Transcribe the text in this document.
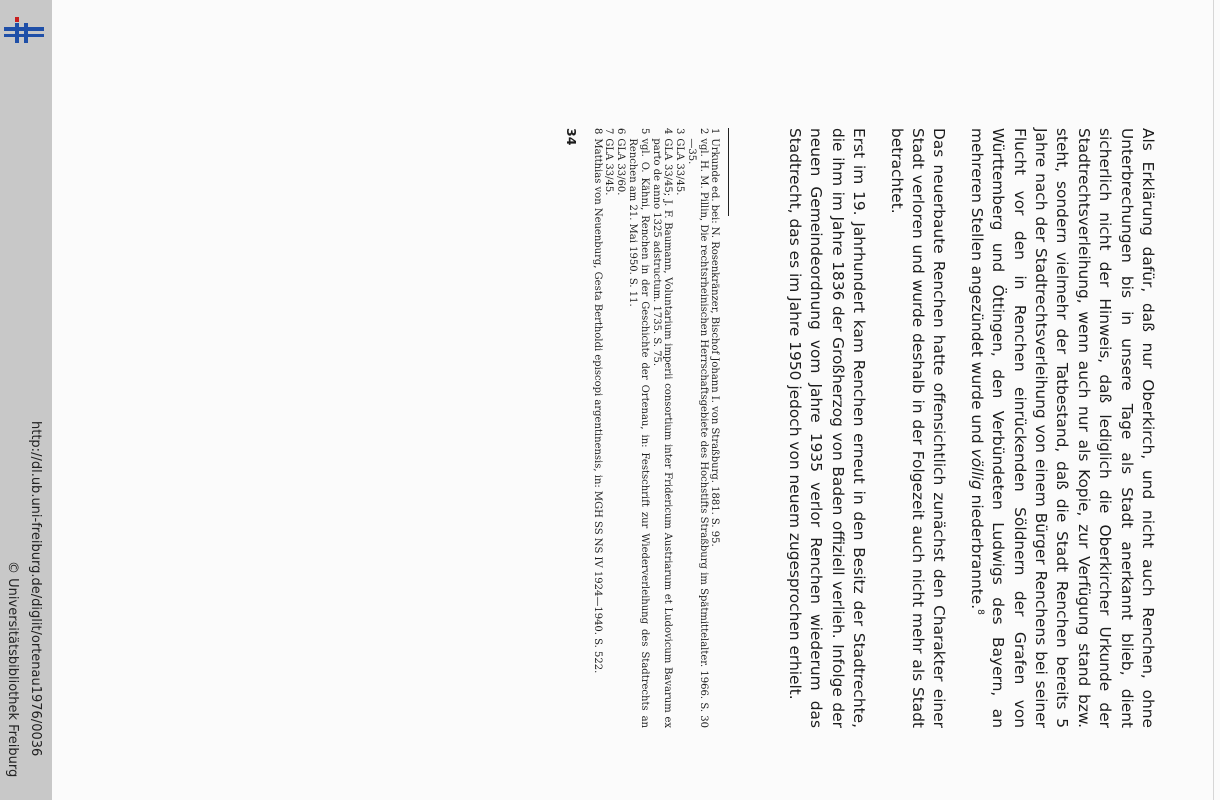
http://dl.ub.uni-freiburg.de/diglit/ortenau1976/0036
© Universitätsbibliothek Freiburg	Als Erklärung dafür, daß nur Oberkirch, und nicht auch Renchen, ohne Unterbrechungen bis in unsere Tage als Stadt anerkannt blieb, dient sicherlich nicht der Hinweis, daß lediglich die Oberkircher Urkunde der Stadtrechtsverleihung, wenn auch nur als Kopie, zur Verfügung stand bzw. steht, sondern vielmehr der Tatbestand, daß die Stadt Renchen bereits 5 Jahre nach der Stadtrechtsverleihung von einem Bürger Renchens bei seiner Flucht vor den in Renchen einrückenden Söldnern der Grafen von Württemberg und Öttingen, den Verbündeten Ludwigs des Bayern, an mehreren Stellen angezündet wurde und völlig niederbrannte.$^8$

Das neuerbaute Renchen hatte offensichtlich zunächst den Charakter einer Stadt verloren und wurde deshalb in der Folgezeit auch nicht mehr als Stadt betrachtet.

Erst im 19. Jahrhundert kam Renchen erneut in den Besitz der Stadtrechte, die ihm im Jahre 1836 der Großherzog von Baden offiziell verlieh. Infolge der neuen Gemeindeordnung vom Jahre 1935 verlor Renchen wiederum das Stadtrecht, das es im Jahre 1950 jedoch von neuem zugesprochen erhielt.

1
Urkunde ed. bei: N. Rosenkränzer, Bischof Johann I. von Straßburg. 1881. S. 95.
2
vgl. H. M. Pillin, Die rechtsrheinischen Herrschaftsgebiete des Hochstifts Straßburg im Spätmittelalter. 1966. S. 30—35.
3
GLA 33/45.
4
GLA 33/45; J. F. Baumann, Voluntarium imperii consortium inter Fridericum Austriarum et Ludovicum Bavarum ex parto de anno 1325 adstructum. 1735. S. 75.
5
vgl. O. Kähni, Renchen in der Geschichte der Ortenau, in: Festschrift zur Wiederverleihung des Stadtrechts an Renchen am 21. Mai 1950. S. 11.
6
GLA 33/60.
7
GLA 33/45.
8
Matthias von Neuenburg, Gesta Bertholdi episcopi argentinensis, in: MGH SS NS IV 1924—1940. S. 522.
34
